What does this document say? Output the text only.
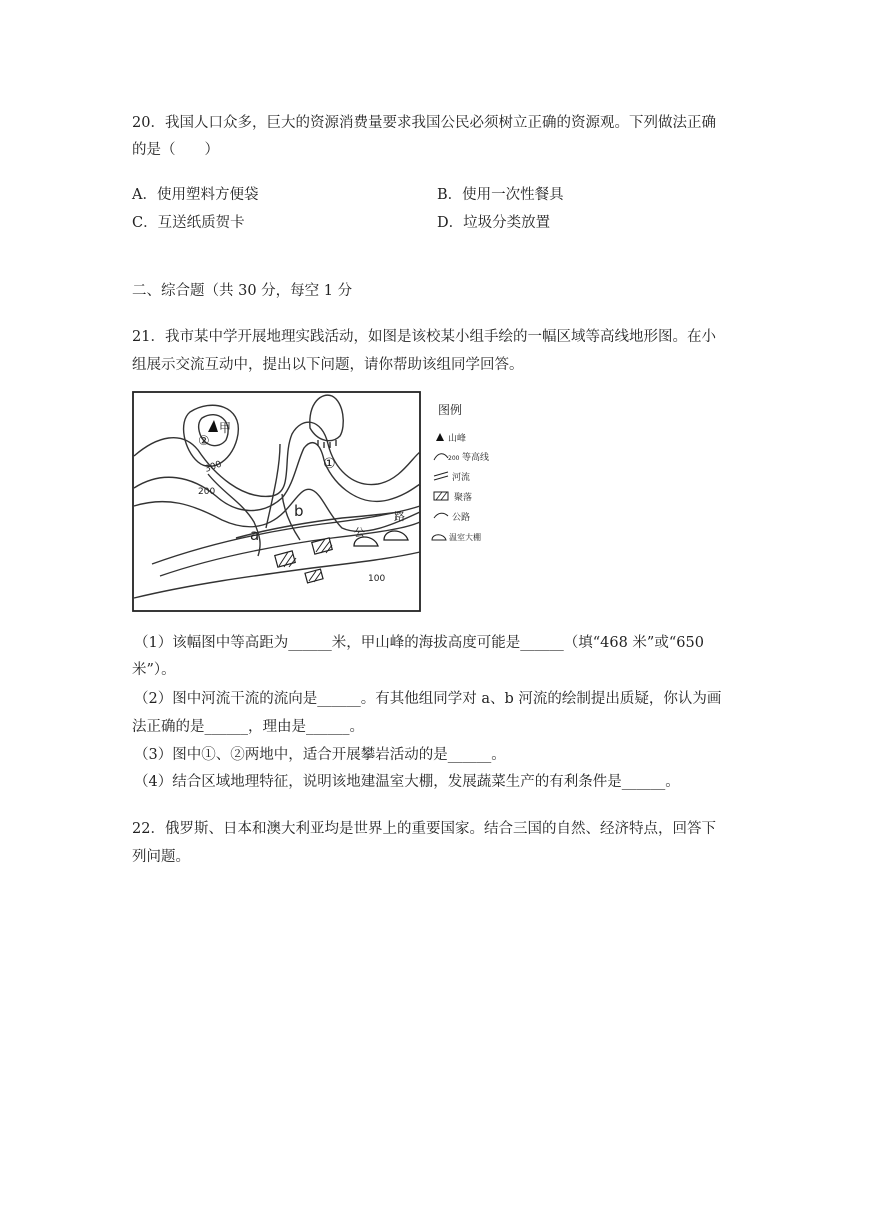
20．我国人口众多，巨大的资源消费量要求我国公民必须树立正确的资源观。下列做法正确
的是（　　）
A．使用塑料方便袋	B．使用一次性餐具
C．互送纸质贺卡	D．垃圾分类放置
二、综合题（共 30 分，每空 1 分
21．我市某中学开展地理实践活动，如图是该校某小组手绘的一幅区域等高线地形图。在小
组展示交流互动中，提出以下问题，请你帮助该组同学回答。
甲
②
①
300
200
100
a
b	路
公
图例
山峰
200 等高线
河流
聚落
公路
温室大棚
（1）该幅图中等高距为______米，甲山峰的海拔高度可能是______（填“468 米”或“650
米”）。
（2）图中河流干流的流向是______。有其他组同学对 a、b 河流的绘制提出质疑，你认为画
法正确的是______，理由是______。
（3）图中①、②两地中，适合开展攀岩活动的是______。
（4）结合区域地理特征，说明该地建温室大棚，发展蔬菜生产的有利条件是______。
22．俄罗斯、日本和澳大利亚均是世界上的重要国家。结合三国的自然、经济特点，回答下
列问题。
